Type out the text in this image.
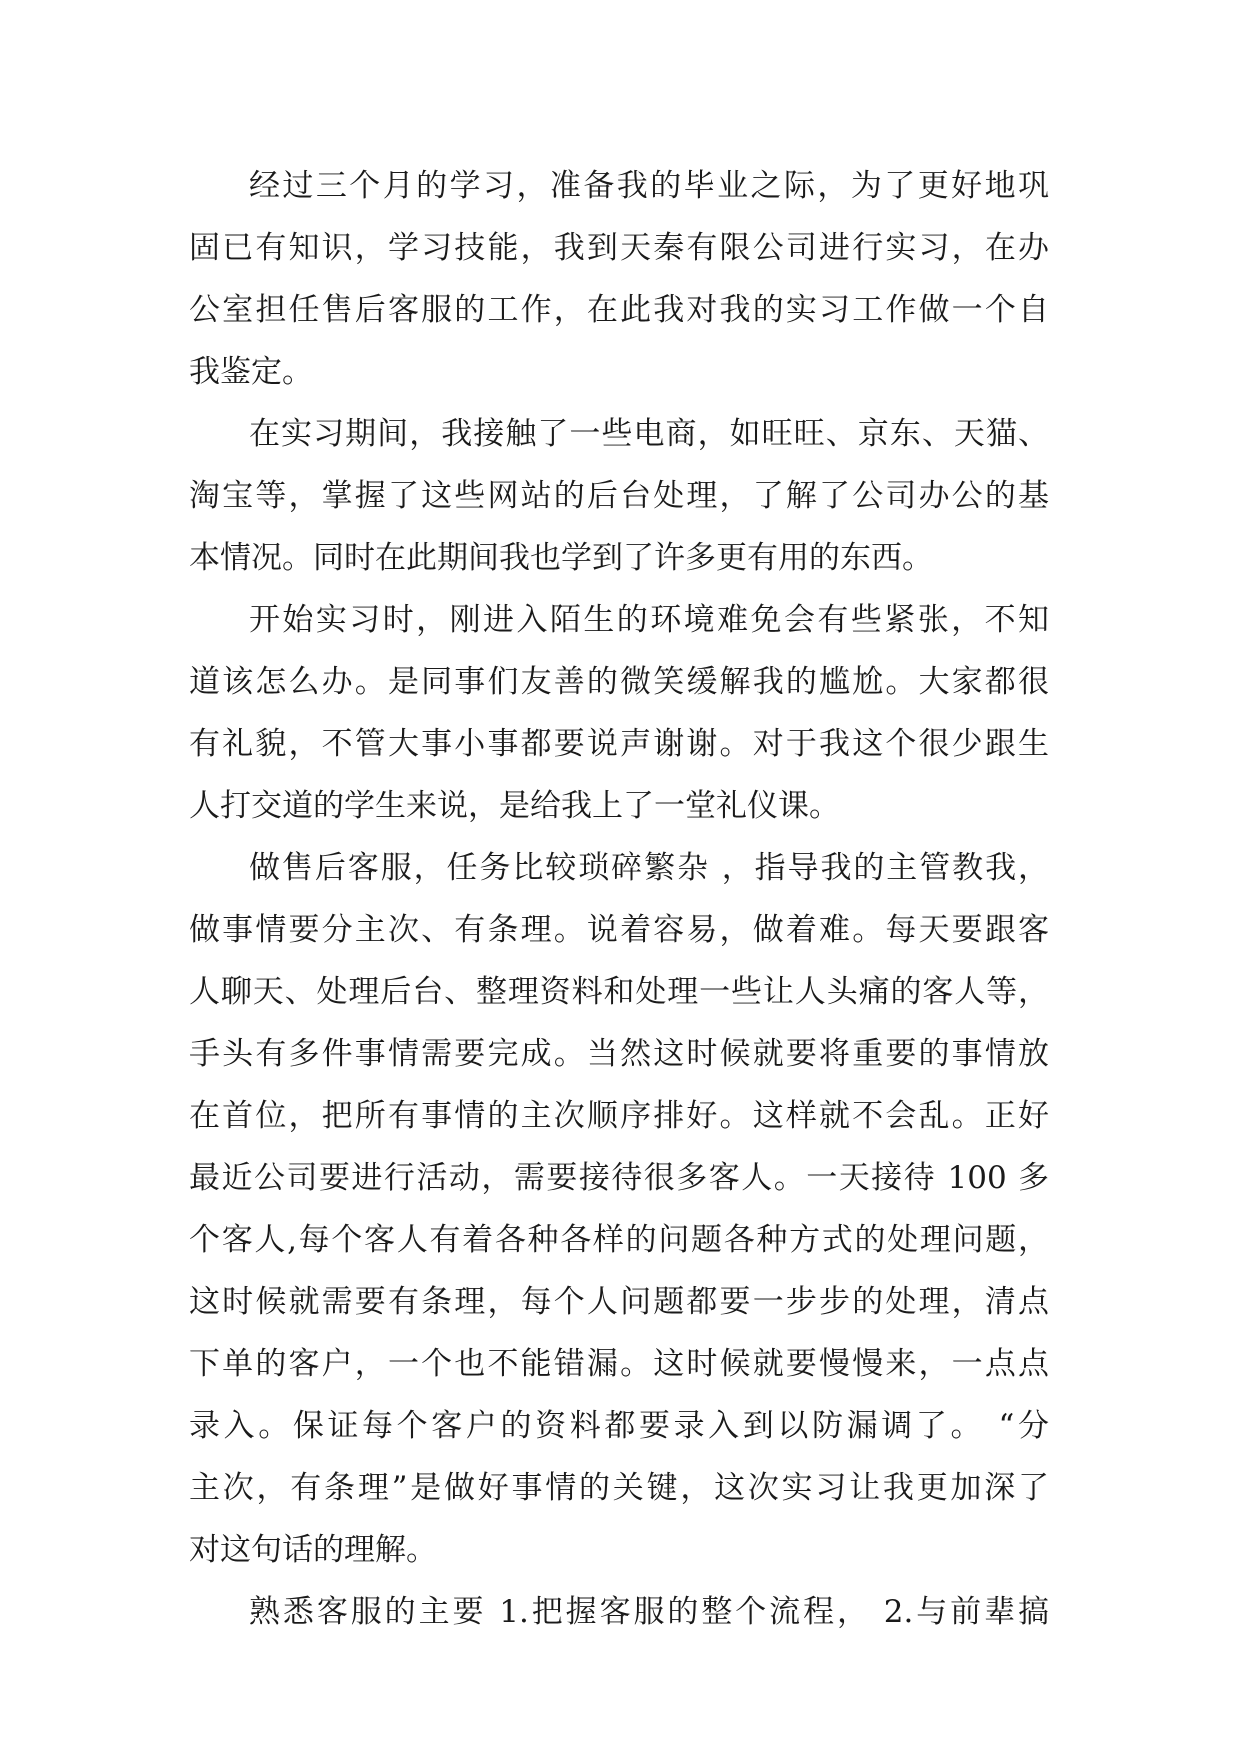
经过三个月的学习，准备我的毕业之际，为了更好地巩
固已有知识，学习技能，我到天秦有限公司进行实习，在办
公室担任售后客服的工作，在此我对我的实习工作做一个自
我鉴定。
在实习期间，我接触了一些电商，如旺旺、京东、天猫、
淘宝等，掌握了这些网站的后台处理，了解了公司办公的基
本情况。同时在此期间我也学到了许多更有用的东西。
开始实习时，刚进入陌生的环境难免会有些紧张，不知
道该怎么办。是同事们友善的微笑缓解我的尴尬。大家都很
有礼貌，不管大事小事都要说声谢谢。对于我这个很少跟生
人打交道的学生来说，是给我上了一堂礼仪课。
做售后客服，任务比较琐碎繁杂 ，指导我的主管教我，
做事情要分主次、有条理。说着容易，做着难。每天要跟客
人聊天、处理后台、整理资料和处理一些让人头痛的客人等，
手头有多件事情需要完成。当然这时候就要将重要的事情放
在首位，把所有事情的主次顺序排好。这样就不会乱。正好
最近公司要进行活动，需要接待很多客人。一天接待 100 多
个客人,每个客人有着各种各样的问题各种方式的处理问题，
这时候就需要有条理，每个人问题都要一步步的处理，清点
下单的客户，一个也不能错漏。这时候就要慢慢来，一点点
录入。保证每个客户的资料都要录入到以防漏调了。 “分
主次，有条理”是做好事情的关键，这次实习让我更加深了
对这句话的理解。
熟悉客服的主要 1.把握客服的整个流程， 2.与前辈搞
